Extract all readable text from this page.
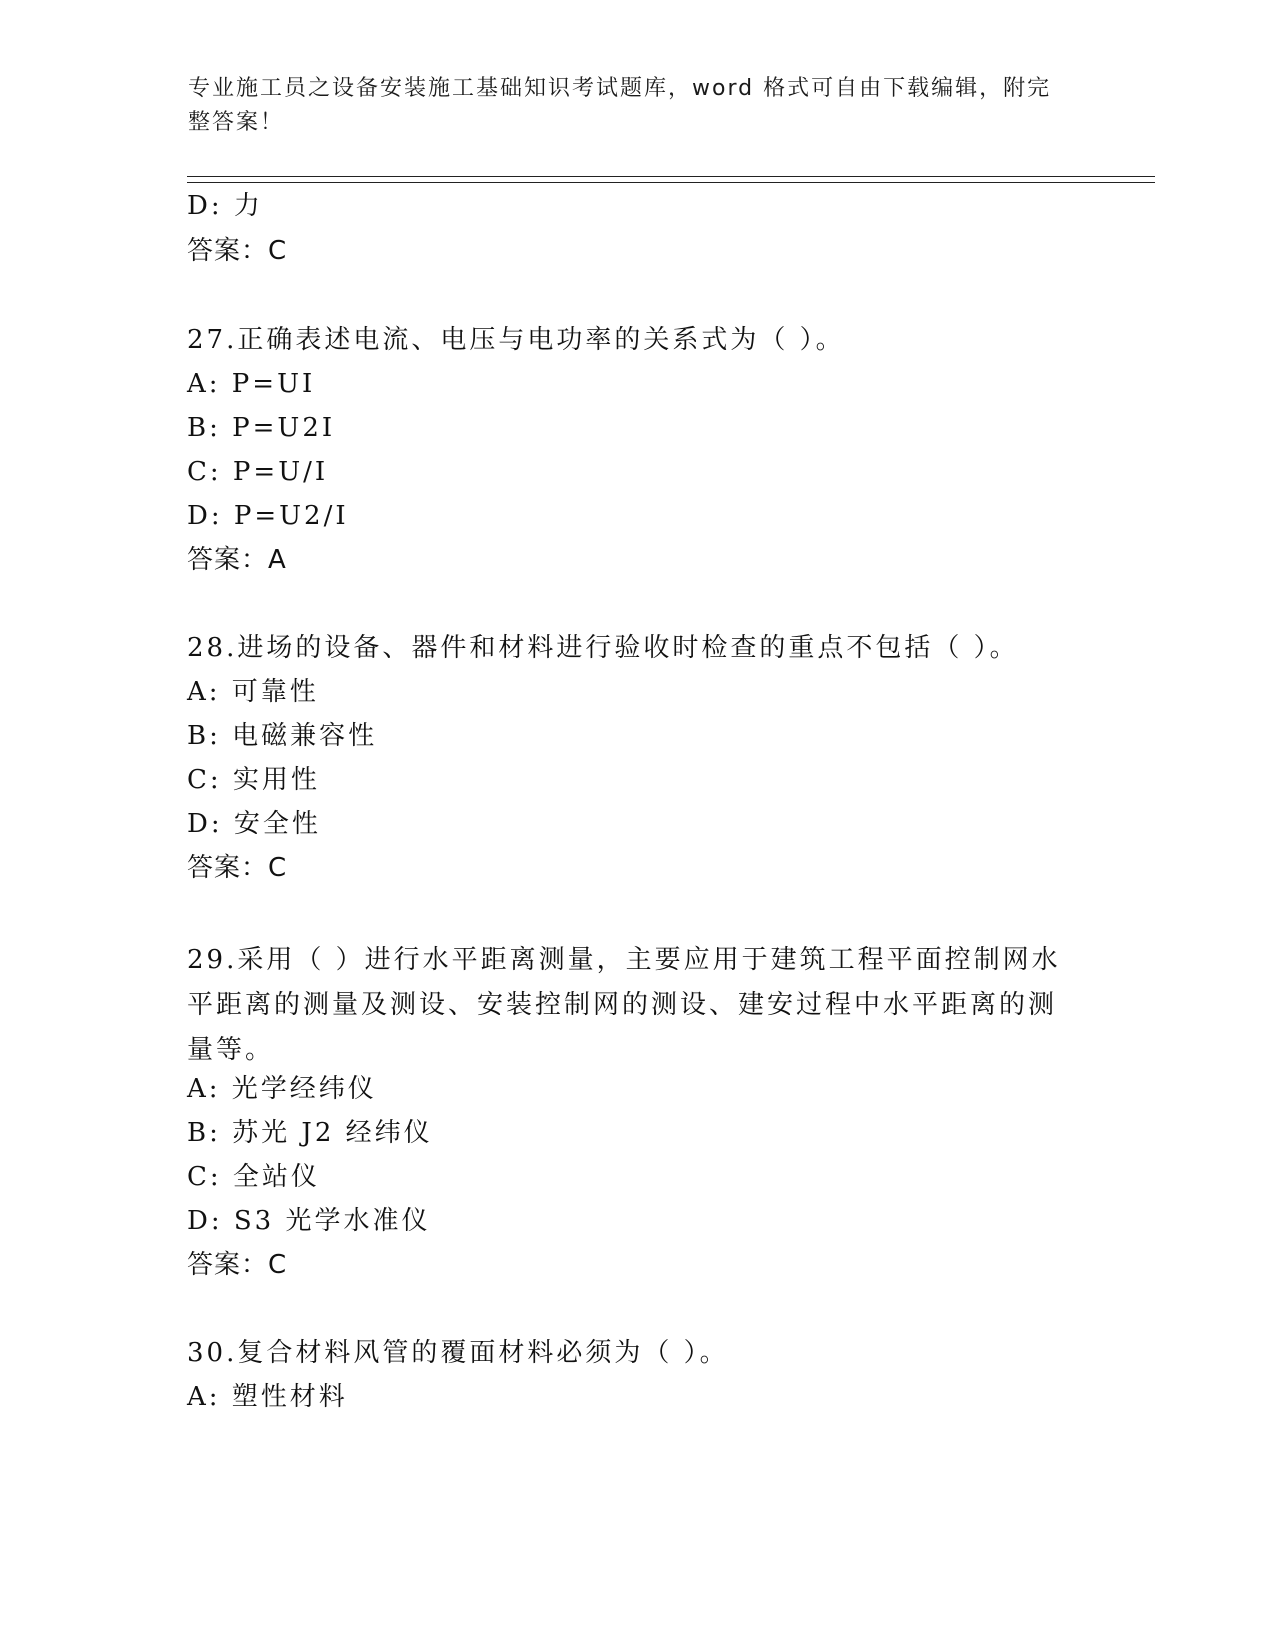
专业施工员之设备安装施工基础知识考试题库，word 格式可自由下载编辑，附完整答案！
D: 力
答案：C
27.正确表述电流、电压与电功率的关系式为（ ）。
A: P=UI
B: P=U2I
C: P=U/I
D: P=U2/I
答案：A
28.进场的设备、器件和材料进行验收时检查的重点不包括（ ）。
A: 可靠性
B: 电磁兼容性
C: 实用性
D: 安全性
答案：C
29.采用（ ）进行水平距离测量，主要应用于建筑工程平面控制网水平距离的测量及测设、安装控制网的测设、建安过程中水平距离的测量等。
A: 光学经纬仪
B: 苏光 J2 经纬仪
C: 全站仪
D: S3 光学水准仪
答案：C
30.复合材料风管的覆面材料必须为（ ）。
A: 塑性材料
